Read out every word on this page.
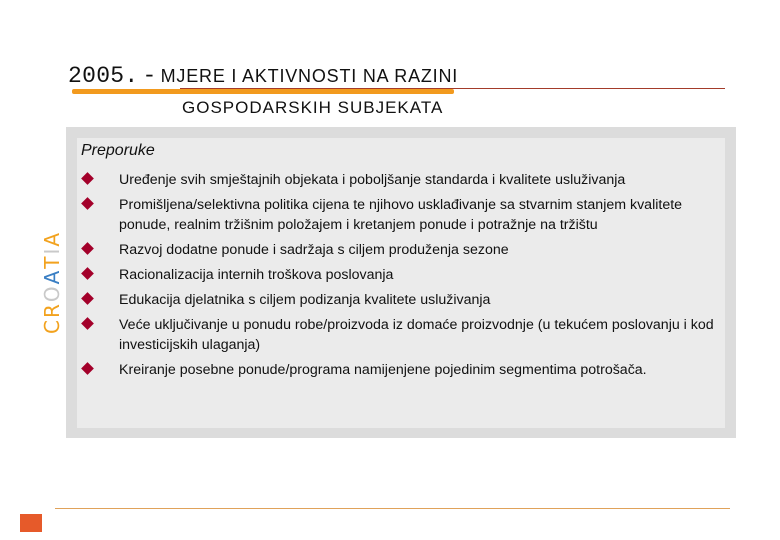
2005. - MJERE I AKTIVNOSTI NA RAZINI
GOSPODARSKIH SUBJEKATA
CROATIA
Preporuke
Uređenje svih smještajnih objekata i poboljšanje standarda i kvalitete usluživanja
Promišljena/selektivna politika cijena te njihovo usklađivanje sa stvarnim stanjem kvalitete ponude, realnim tržišnim položajem i kretanjem ponude i potražnje na tržištu
Razvoj dodatne ponude i sadržaja s ciljem produženja sezone
Racionalizacija internih troškova poslovanja
Edukacija djelatnika s ciljem podizanja kvalitete usluživanja
Veće uključivanje u ponudu robe/proizvoda iz domaće proizvodnje (u tekućem poslovanju i kod investicijskih ulaganja)
Kreiranje posebne ponude/programa namijenjene pojedinim segmentima potrošača.
